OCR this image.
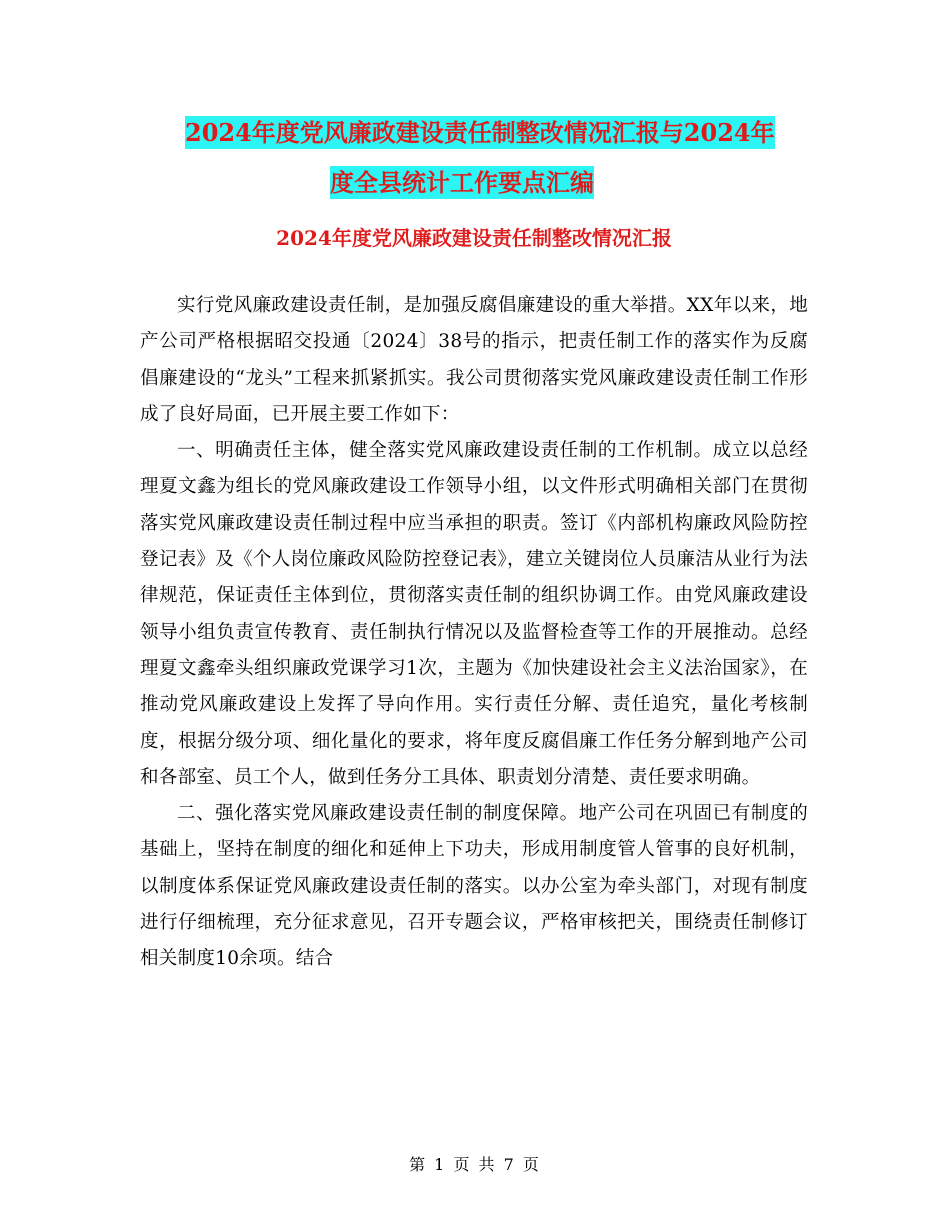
2024年度党风廉政建设责任制整改情况汇报与2024年
度全县统计工作要点汇编
2024年度党风廉政建设责任制整改情况汇报

实行党风廉政建设责任制，是加强反腐倡廉建设的重大举措。XX年以来，地产公司严格根据昭交投通〔2024〕38号的指示，把责任制工作的落实作为反腐倡廉建设的“龙头”工程来抓紧抓实。我公司贯彻落实党风廉政建设责任制工作形成了良好局面，已开展主要工作如下：

一、明确责任主体，健全落实党风廉政建设责任制的工作机制。成立以总经理夏文鑫为组长的党风廉政建设工作领导小组，以文件形式明确相关部门在贯彻落实党风廉政建设责任制过程中应当承担的职责。签订《内部机构廉政风险防控登记表》及《个人岗位廉政风险防控登记表》，建立关键岗位人员廉洁从业行为法律规范，保证责任主体到位，贯彻落实责任制的组织协调工作。由党风廉政建设领导小组负责宣传教育、责任制执行情况以及监督检查等工作的开展推动。总经理夏文鑫牵头组织廉政党课学习1次，主题为《加快建设社会主义法治国家》，在推动党风廉政建设上发挥了导向作用。实行责任分解、责任追究，量化考核制度，根据分级分项、细化量化的要求，将年度反腐倡廉工作任务分解到地产公司和各部室、员工个人，做到任务分工具体、职责划分清楚、责任要求明确。

二、强化落实党风廉政建设责任制的制度保障。地产公司在巩固已有制度的基础上，坚持在制度的细化和延伸上下功夫，形成用制度管人管事的良好机制，以制度体系保证党风廉政建设责任制的落实。以办公室为牵头部门，对现有制度进行仔细梳理，充分征求意见，召开专题会议，严格审核把关，围绕责任制修订相关制度10余项。结合

第 1 页 共 7 页
